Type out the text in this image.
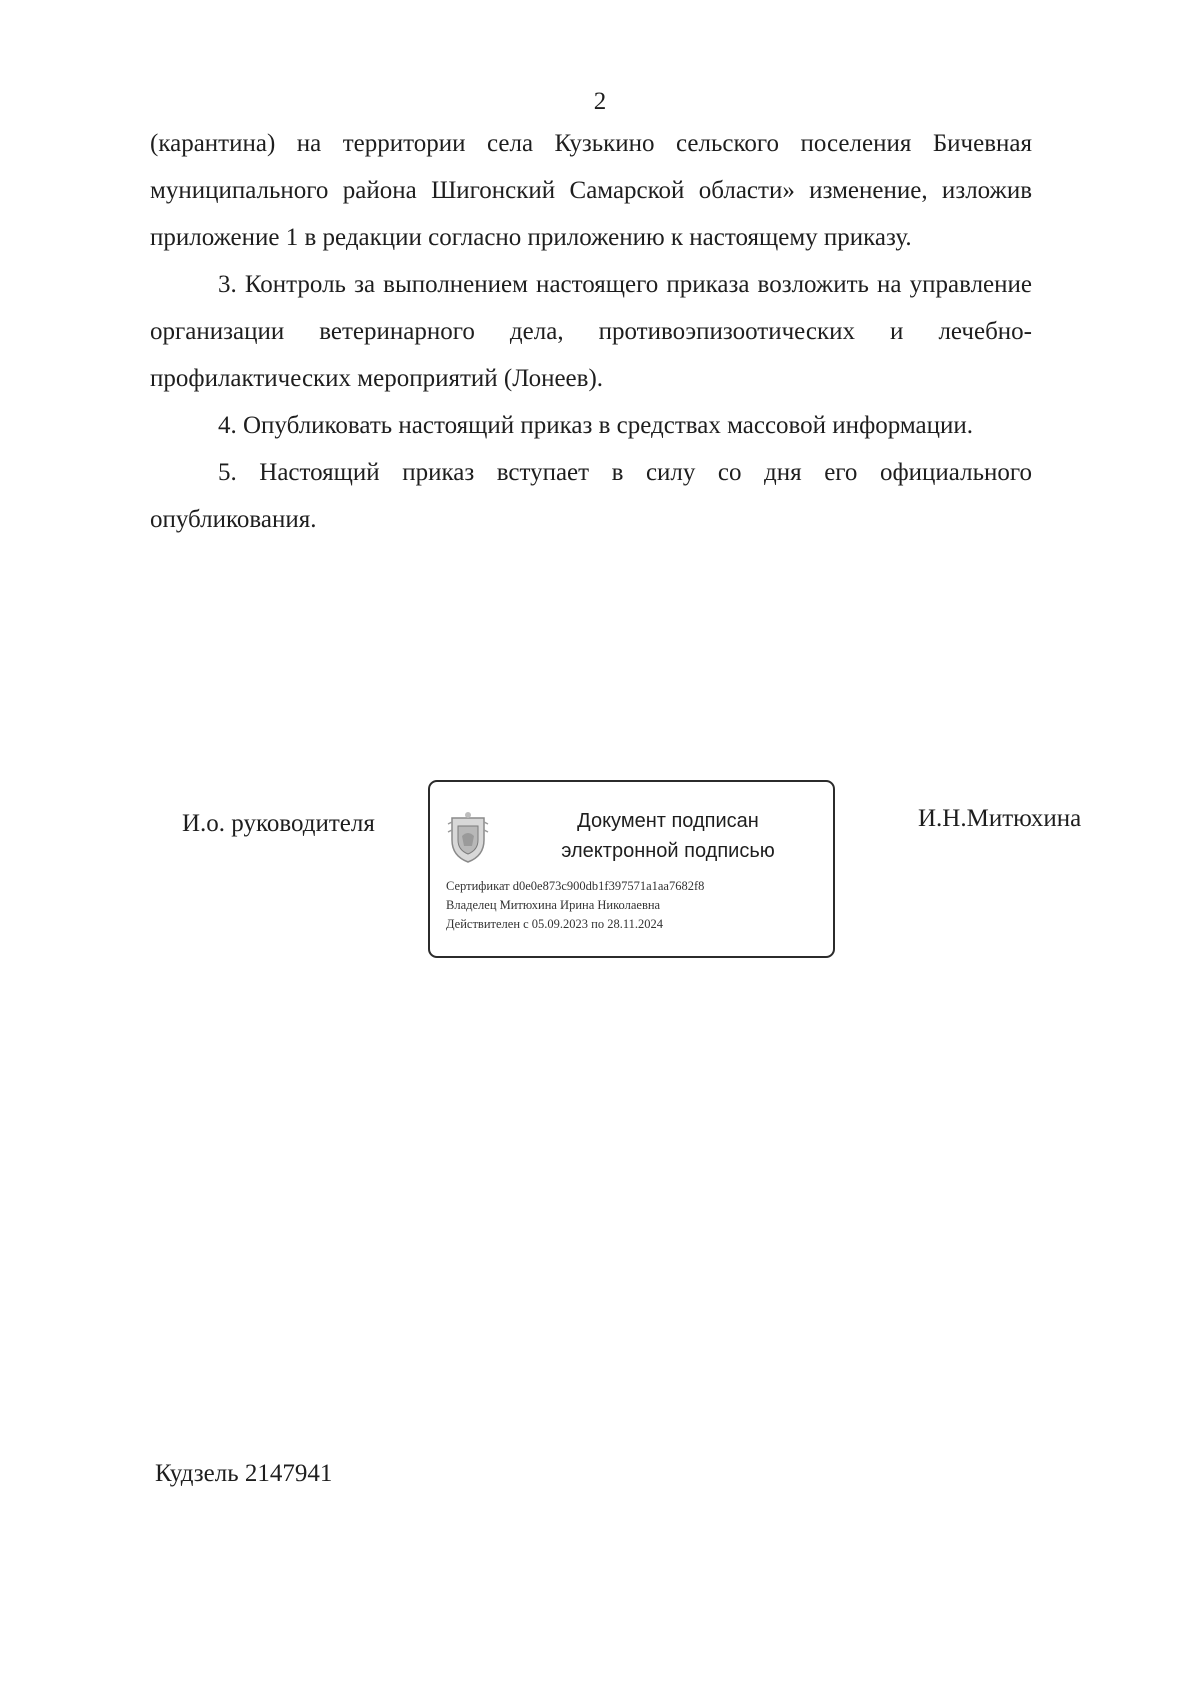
2

(карантина) на территории села Кузькино сельского поселения Бичевная муниципального района Шигонский Самарской области» изменение, изложив приложение 1 в редакции согласно приложению к настоящему приказу.

3. Контроль за выполнением настоящего приказа возложить на управление организации ветеринарного дела, противоэпизоотических и лечебно-профилактических мероприятий (Лонеев).

4. Опубликовать настоящий приказ в средствах массовой информации.

5. Настоящий приказ вступает в силу со дня его официального опубликования.

И.о. руководителя	Документ подписан
электронной подписью
Сертификат d0e0e873c900db1f397571a1aa7682f8
Владелец Митюхина Ирина Николаевна
Действителен с 05.09.2023 по 28.11.2024
И.Н.Митюхина
Кудзель 2147941
